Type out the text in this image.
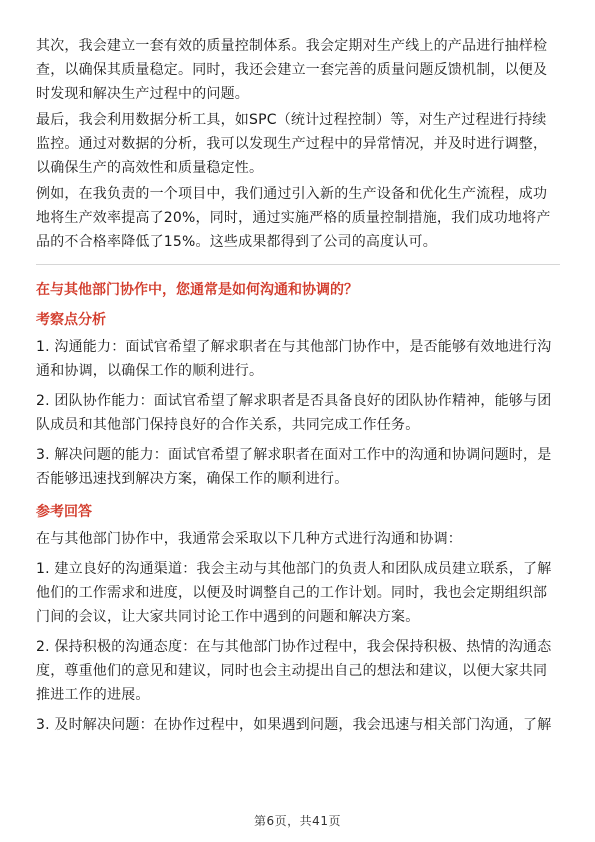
其次，我会建立一套有效的质量控制体系。我会定期对生产线上的产品进行抽样检查，以确保其质量稳定。同时，我还会建立一套完善的质量问题反馈机制，以便及时发现和解决生产过程中的问题。

最后，我会利用数据分析工具，如SPC（统计过程控制）等，对生产过程进行持续监控。通过对数据的分析，我可以发现生产过程中的异常情况，并及时进行调整，以确保生产的高效性和质量稳定性。

例如，在我负责的一个项目中，我们通过引入新的生产设备和优化生产流程，成功地将生产效率提高了20%，同时，通过实施严格的质量控制措施，我们成功地将产品的不合格率降低了15%。这些成果都得到了公司的高度认可。

在与其他部门协作中，您通常是如何沟通和协调的？
考察点分析

1. 沟通能力：面试官希望了解求职者在与其他部门协作中，是否能够有效地进行沟通和协调，以确保工作的顺利进行。

2. 团队协作能力：面试官希望了解求职者是否具备良好的团队协作精神，能够与团队成员和其他部门保持良好的合作关系，共同完成工作任务。

3. 解决问题的能力：面试官希望了解求职者在面对工作中的沟通和协调问题时，是否能够迅速找到解决方案，确保工作的顺利进行。

参考回答

在与其他部门协作中，我通常会采取以下几种方式进行沟通和协调：

1. 建立良好的沟通渠道：我会主动与其他部门的负责人和团队成员建立联系，了解他们的工作需求和进度，以便及时调整自己的工作计划。同时，我也会定期组织部门间的会议，让大家共同讨论工作中遇到的问题和解决方案。

2. 保持积极的沟通态度：在与其他部门协作过程中，我会保持积极、热情的沟通态度，尊重他们的意见和建议，同时也会主动提出自己的想法和建议，以便大家共同推进工作的进展。

3. 及时解决问题：在协作过程中，如果遇到问题，我会迅速与相关部门沟通，了解

第6页，共41页
